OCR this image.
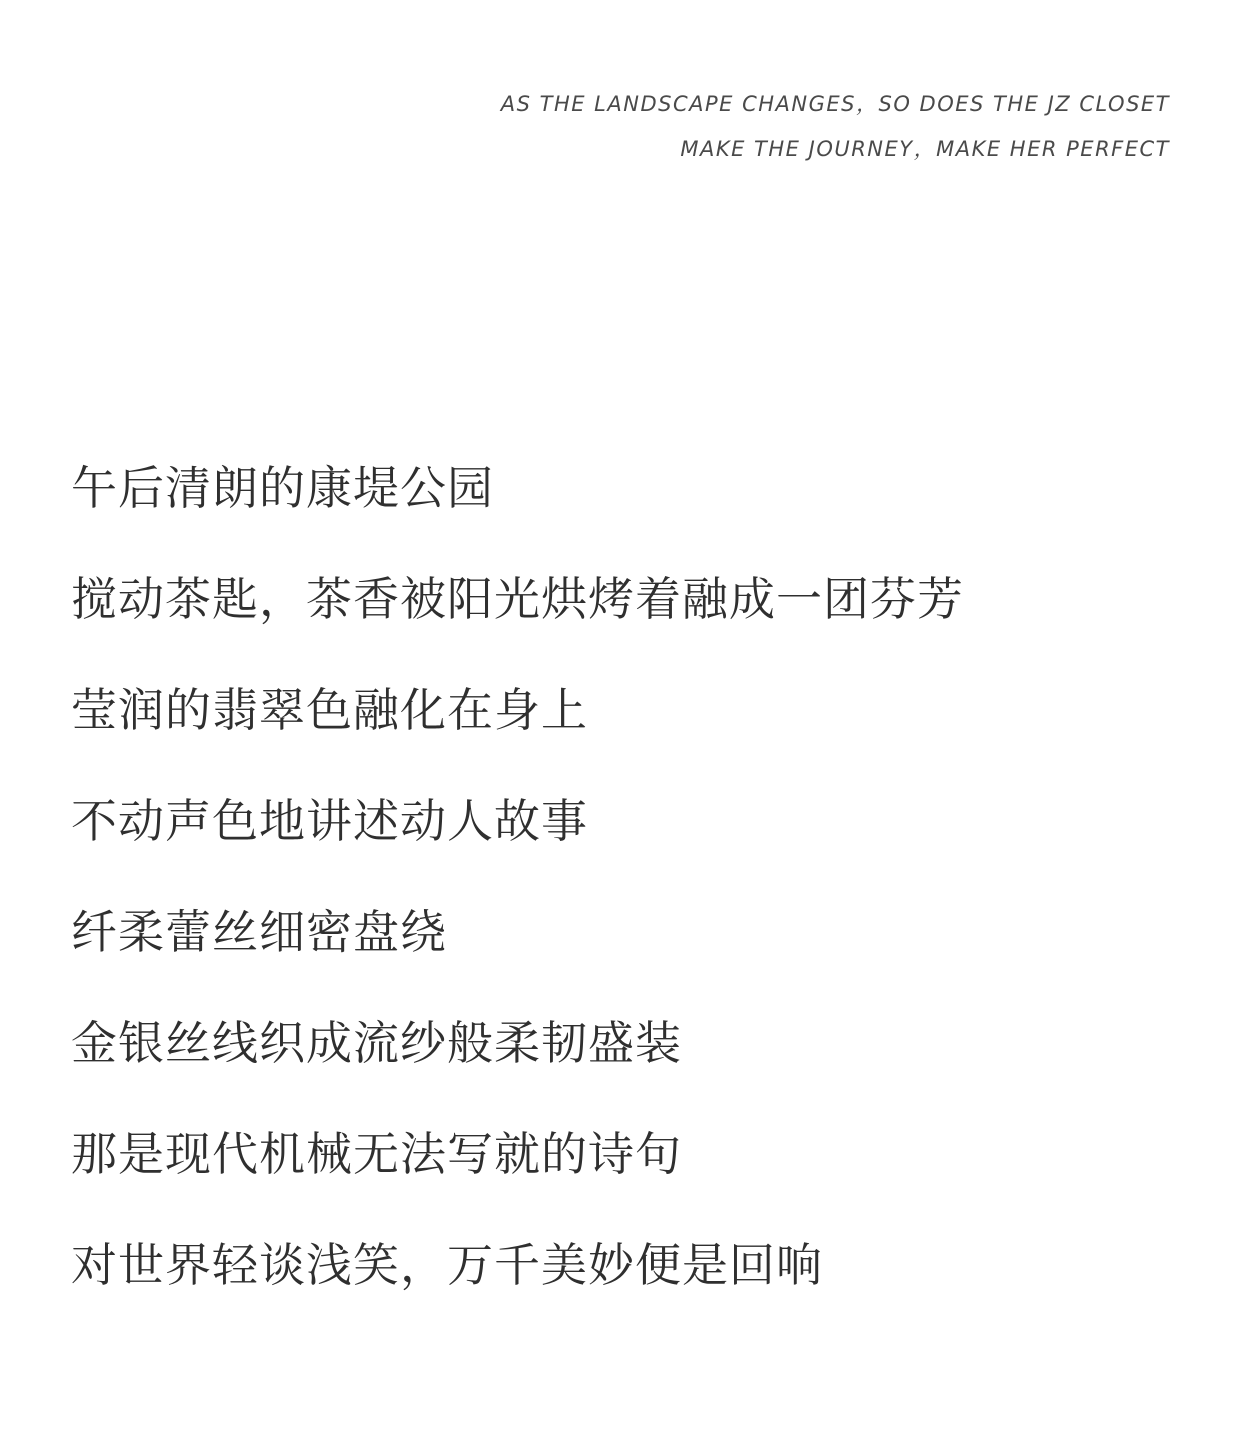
AS THE LANDSCAPE CHANGES，SO DOES THE JZ CLOSET
MAKE THE JOURNEY，MAKE HER PERFECT
午后清朗的康堤公园
搅动茶匙，茶香被阳光烘烤着融成一团芬芳
莹润的翡翠色融化在身上
不动声色地讲述动人故事
纤柔蕾丝细密盘绕
金银丝线织成流纱般柔韧盛装
那是现代机械无法写就的诗句
对世界轻谈浅笑，万千美妙便是回响
